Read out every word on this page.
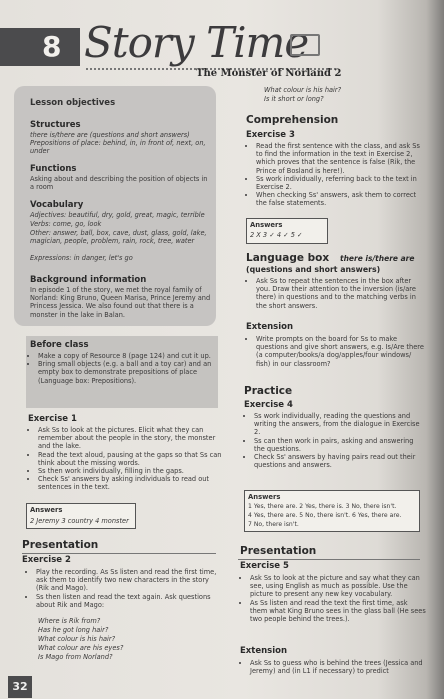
8 Story Time
The Monster of Norland 2
Lesson objectives
Structures
there is/there are (questions and short answers) Prepositions of place: behind, in, in front of, next, on, under
Functions
Asking about and describing the position of objects in a room
Vocabulary
Adjectives: beautiful, dry, gold, great, magic, terrible
Verbs: come, go, look
Other: answer, ball, box, cave, dust, glass, gold, lake, magician, people, problem, rain, rock, tree, water
Expressions: in danger, let's go
Background information
In episode 1 of the story, we met the royal family of Norland: King Bruno, Queen Marisa, Prince Jeremy and Princess Jessica. We also found out that there is a monster in the lake in Balan.
Before class
• Make a copy of Resource 8 (page 124) and cut it up.
• Bring small objects (e.g. a ball and a toy car) and an empty box to demonstrate prepositions of place (Language box: Prepositions).
Exercise 1
• Ask Ss to look at the pictures. Elicit what they can remember about the people in the story, the monster and the lake.
• Read the text aloud, pausing at the gaps so that Ss can think about the missing words.
• Ss then work individually, filling in the gaps.
• Check Ss' answers by asking individuals to read out sentences in the text.
Answers
2 Jeremy 3 country 4 monster
Presentation
Exercise 2
• Play the recording. As Ss listen and read the first time, ask them to identify two new characters in the story (Rik and Mago).
• Ss then listen and read the text again. Ask questions about Rik and Mago:
Where is Rik from?
Has he got long hair?
What colour is his hair?
What colour are his eyes?
Is Mago from Norland?
32
What colour is his hair?
Is it short or long?
Comprehension
Exercise 3
• Read the first sentence with the class, and ask Ss to find the information in the text in Exercise 2, which proves that the sentence is false (Rik, the Prince of Bosland is here!).
• Ss work individually, referring back to the text in Exercise 2.
• When checking Ss' answers, ask them to correct the false statements.
Answers
2 X 3 ✓ 4 ✓ 5 ✓
Language box there is/there are
(questions and short answers)
• Ask Ss to repeat the sentences in the box after you. Draw their attention to the inversion (is/are there) in questions and to the matching verbs in the short answers.
Extension
• Write prompts on the board for Ss to make questions and give short answers, e.g. Is/Are there (a computer/books/a dog/apples/four windows/ fish) in our classroom?
Practice
Exercise 4
• Ss work individually, reading the questions and writing the answers, from the dialogue in Exercise 2.
• Ss can then work in pairs, asking and answering the questions.
• Check Ss' answers by having pairs read out their questions and answers.
Answers
1 Yes, there are. 2 Yes, there is. 3 No, there isn't.
4 Yes, there are. 5 No, there isn't. 6 Yes, there are.
7 No, there isn't.
Presentation
Exercise 5
• Ask Ss to look at the picture and say what they can see, using English as much as possible. Use the picture to present any new key vocabulary.
• As Ss listen and read the text the first time, ask them what King Bruno sees in the glass ball (He sees two people behind the trees.).
Extension
• Ask Ss to guess who is behind the trees (Jessica and Jeremy) and (in L1 if necessary) to predict
